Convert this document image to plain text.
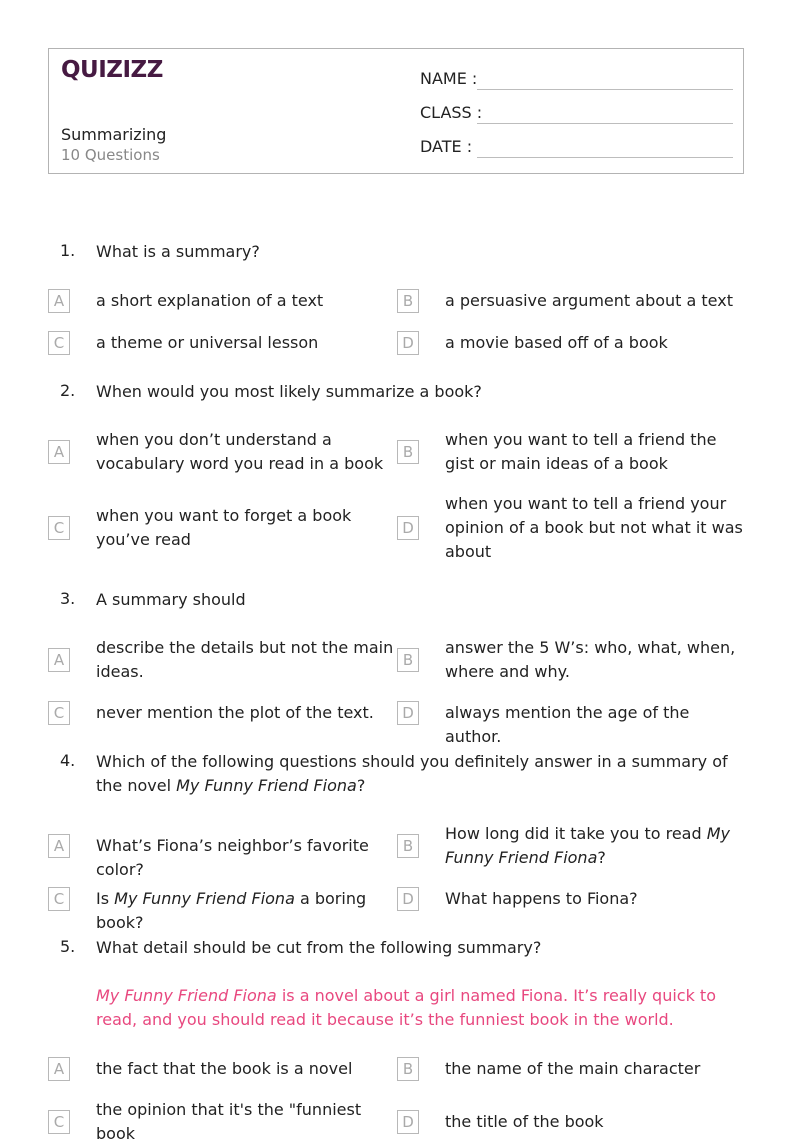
QUIZIZZ
Summarizing
10 Questions
NAME :
CLASS :
DATE :
1. What is a summary?
A	a short explanation of a text	B	a persuasive argument about a text
C	a theme or universal lesson	D	a movie based off of a book
2. When would you most likely summarize a book?
A
when you don’t understand a vocabulary word you read in a book
B
when you want to tell a friend the gist or main ideas of a book
C
when you want to forget a book you’ve read
D
when you want to tell a friend your opinion of a book but not what it was about
3. A summary should
A
describe the details but not the main ideas.
B
answer the 5 W’s: who, what, when, where and why.
C	never mention the plot of the text.	D	always mention the age of the author.
4. Which of the following questions should you definitely answer in a summary of the novel My Funny Friend Fiona?
A	What’s Fiona’s neighbor’s favorite color?
B
How long did it take you to read My Funny Friend Fiona?
C	Is My Funny Friend Fiona a boring book?
D	What happens to Fiona?
5. What detail should be cut from the following summary?
My Funny Friend Fiona is a novel about a girl named Fiona. It’s really quick to read, and you should read it because it’s the funniest book in the world.
A	the fact that the book is a novel	B	the name of the main character
C
the opinion that it's the "funniest book
D	the title of the book
